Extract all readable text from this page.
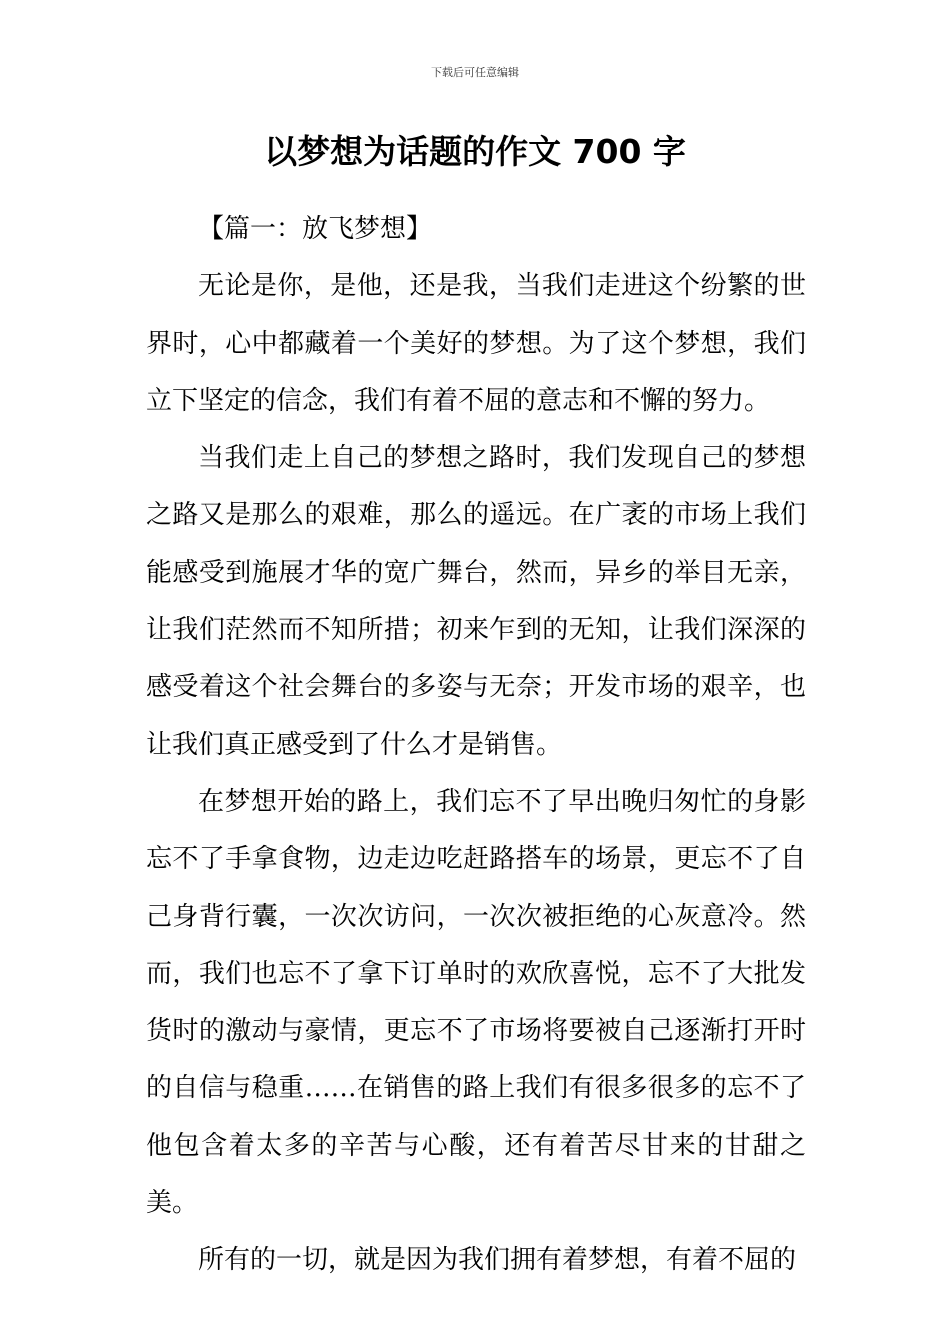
下载后可任意编辑
以梦想为话题的作文 700 字

【篇一：放飞梦想】

无论是你，是他，还是我，当我们走进这个纷繁的世界时，心中都藏着一个美好的梦想。为了这个梦想，我们立下坚定的信念，我们有着不屈的意志和不懈的努力。

当我们走上自己的梦想之路时，我们发现自己的梦想之路又是那么的艰难，那么的遥远。在广袤的市场上我们能感受到施展才华的宽广舞台，然而，异乡的举目无亲，让我们茫然而不知所措；初来乍到的无知，让我们深深的感受着这个社会舞台的多姿与无奈；开发市场的艰辛，也让我们真正感受到了什么才是销售。

在梦想开始的路上，我们忘不了早出晚归匆忙的身影忘不了手拿食物，边走边吃赶路搭车的场景，更忘不了自己身背行囊，一次次访问，一次次被拒绝的心灰意冷。然而，我们也忘不了拿下订单时的欢欣喜悦，忘不了大批发货时的激动与豪情，更忘不了市场将要被自己逐渐打开时的自信与稳重……在销售的路上我们有很多很多的忘不了他包含着太多的辛苦与心酸，还有着苦尽甘来的甘甜之美。

所有的一切，就是因为我们拥有着梦想，有着不屈的
